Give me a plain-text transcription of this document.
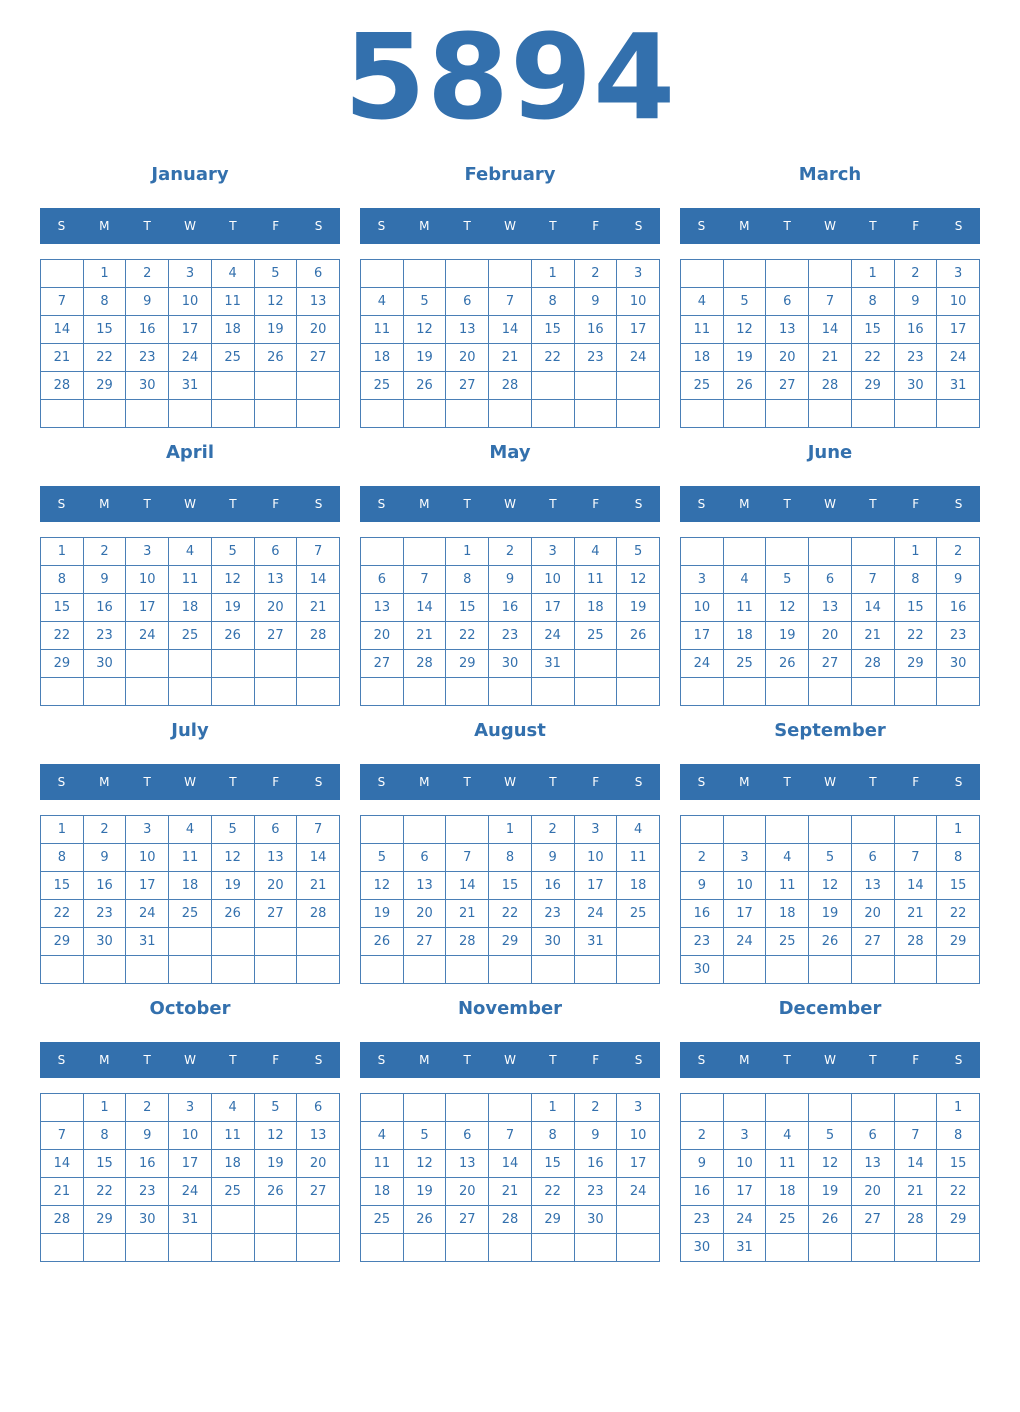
5894
January
S	M	T	W	T	F	S
	1	2	3	4	5	6
7	8	9	10	11	12	13
14	15	16	17	18	19	20
21	22	23	24	25	26	27
28	29	30	31			

February
S	M	T	W	T	F	S
				1	2	3
4	5	6	7	8	9	10
11	12	13	14	15	16	17
18	19	20	21	22	23	24
25	26	27	28			

March
S	M	T	W	T	F	S
				1	2	3
4	5	6	7	8	9	10
11	12	13	14	15	16	17
18	19	20	21	22	23	24
25	26	27	28	29	30	31

April
S	M	T	W	T	F	S
1	2	3	4	5	6	7
8	9	10	11	12	13	14
15	16	17	18	19	20	21
22	23	24	25	26	27	28
29	30					

May
S	M	T	W	T	F	S
		1	2	3	4	5
6	7	8	9	10	11	12
13	14	15	16	17	18	19
20	21	22	23	24	25	26
27	28	29	30	31		

June
S	M	T	W	T	F	S
					1	2
3	4	5	6	7	8	9
10	11	12	13	14	15	16
17	18	19	20	21	22	23
24	25	26	27	28	29	30

July
S	M	T	W	T	F	S
1	2	3	4	5	6	7
8	9	10	11	12	13	14
15	16	17	18	19	20	21
22	23	24	25	26	27	28
29	30	31				

August
S	M	T	W	T	F	S
			1	2	3	4
5	6	7	8	9	10	11
12	13	14	15	16	17	18
19	20	21	22	23	24	25
26	27	28	29	30	31	

September
S	M	T	W	T	F	S
						1
2	3	4	5	6	7	8
9	10	11	12	13	14	15
16	17	18	19	20	21	22
23	24	25	26	27	28	29
30						
October
S	M	T	W	T	F	S
	1	2	3	4	5	6
7	8	9	10	11	12	13
14	15	16	17	18	19	20
21	22	23	24	25	26	27
28	29	30	31			

November
S	M	T	W	T	F	S
				1	2	3
4	5	6	7	8	9	10
11	12	13	14	15	16	17
18	19	20	21	22	23	24
25	26	27	28	29	30	

December
S	M	T	W	T	F	S
						1
2	3	4	5	6	7	8
9	10	11	12	13	14	15
16	17	18	19	20	21	22
23	24	25	26	27	28	29
30	31					
